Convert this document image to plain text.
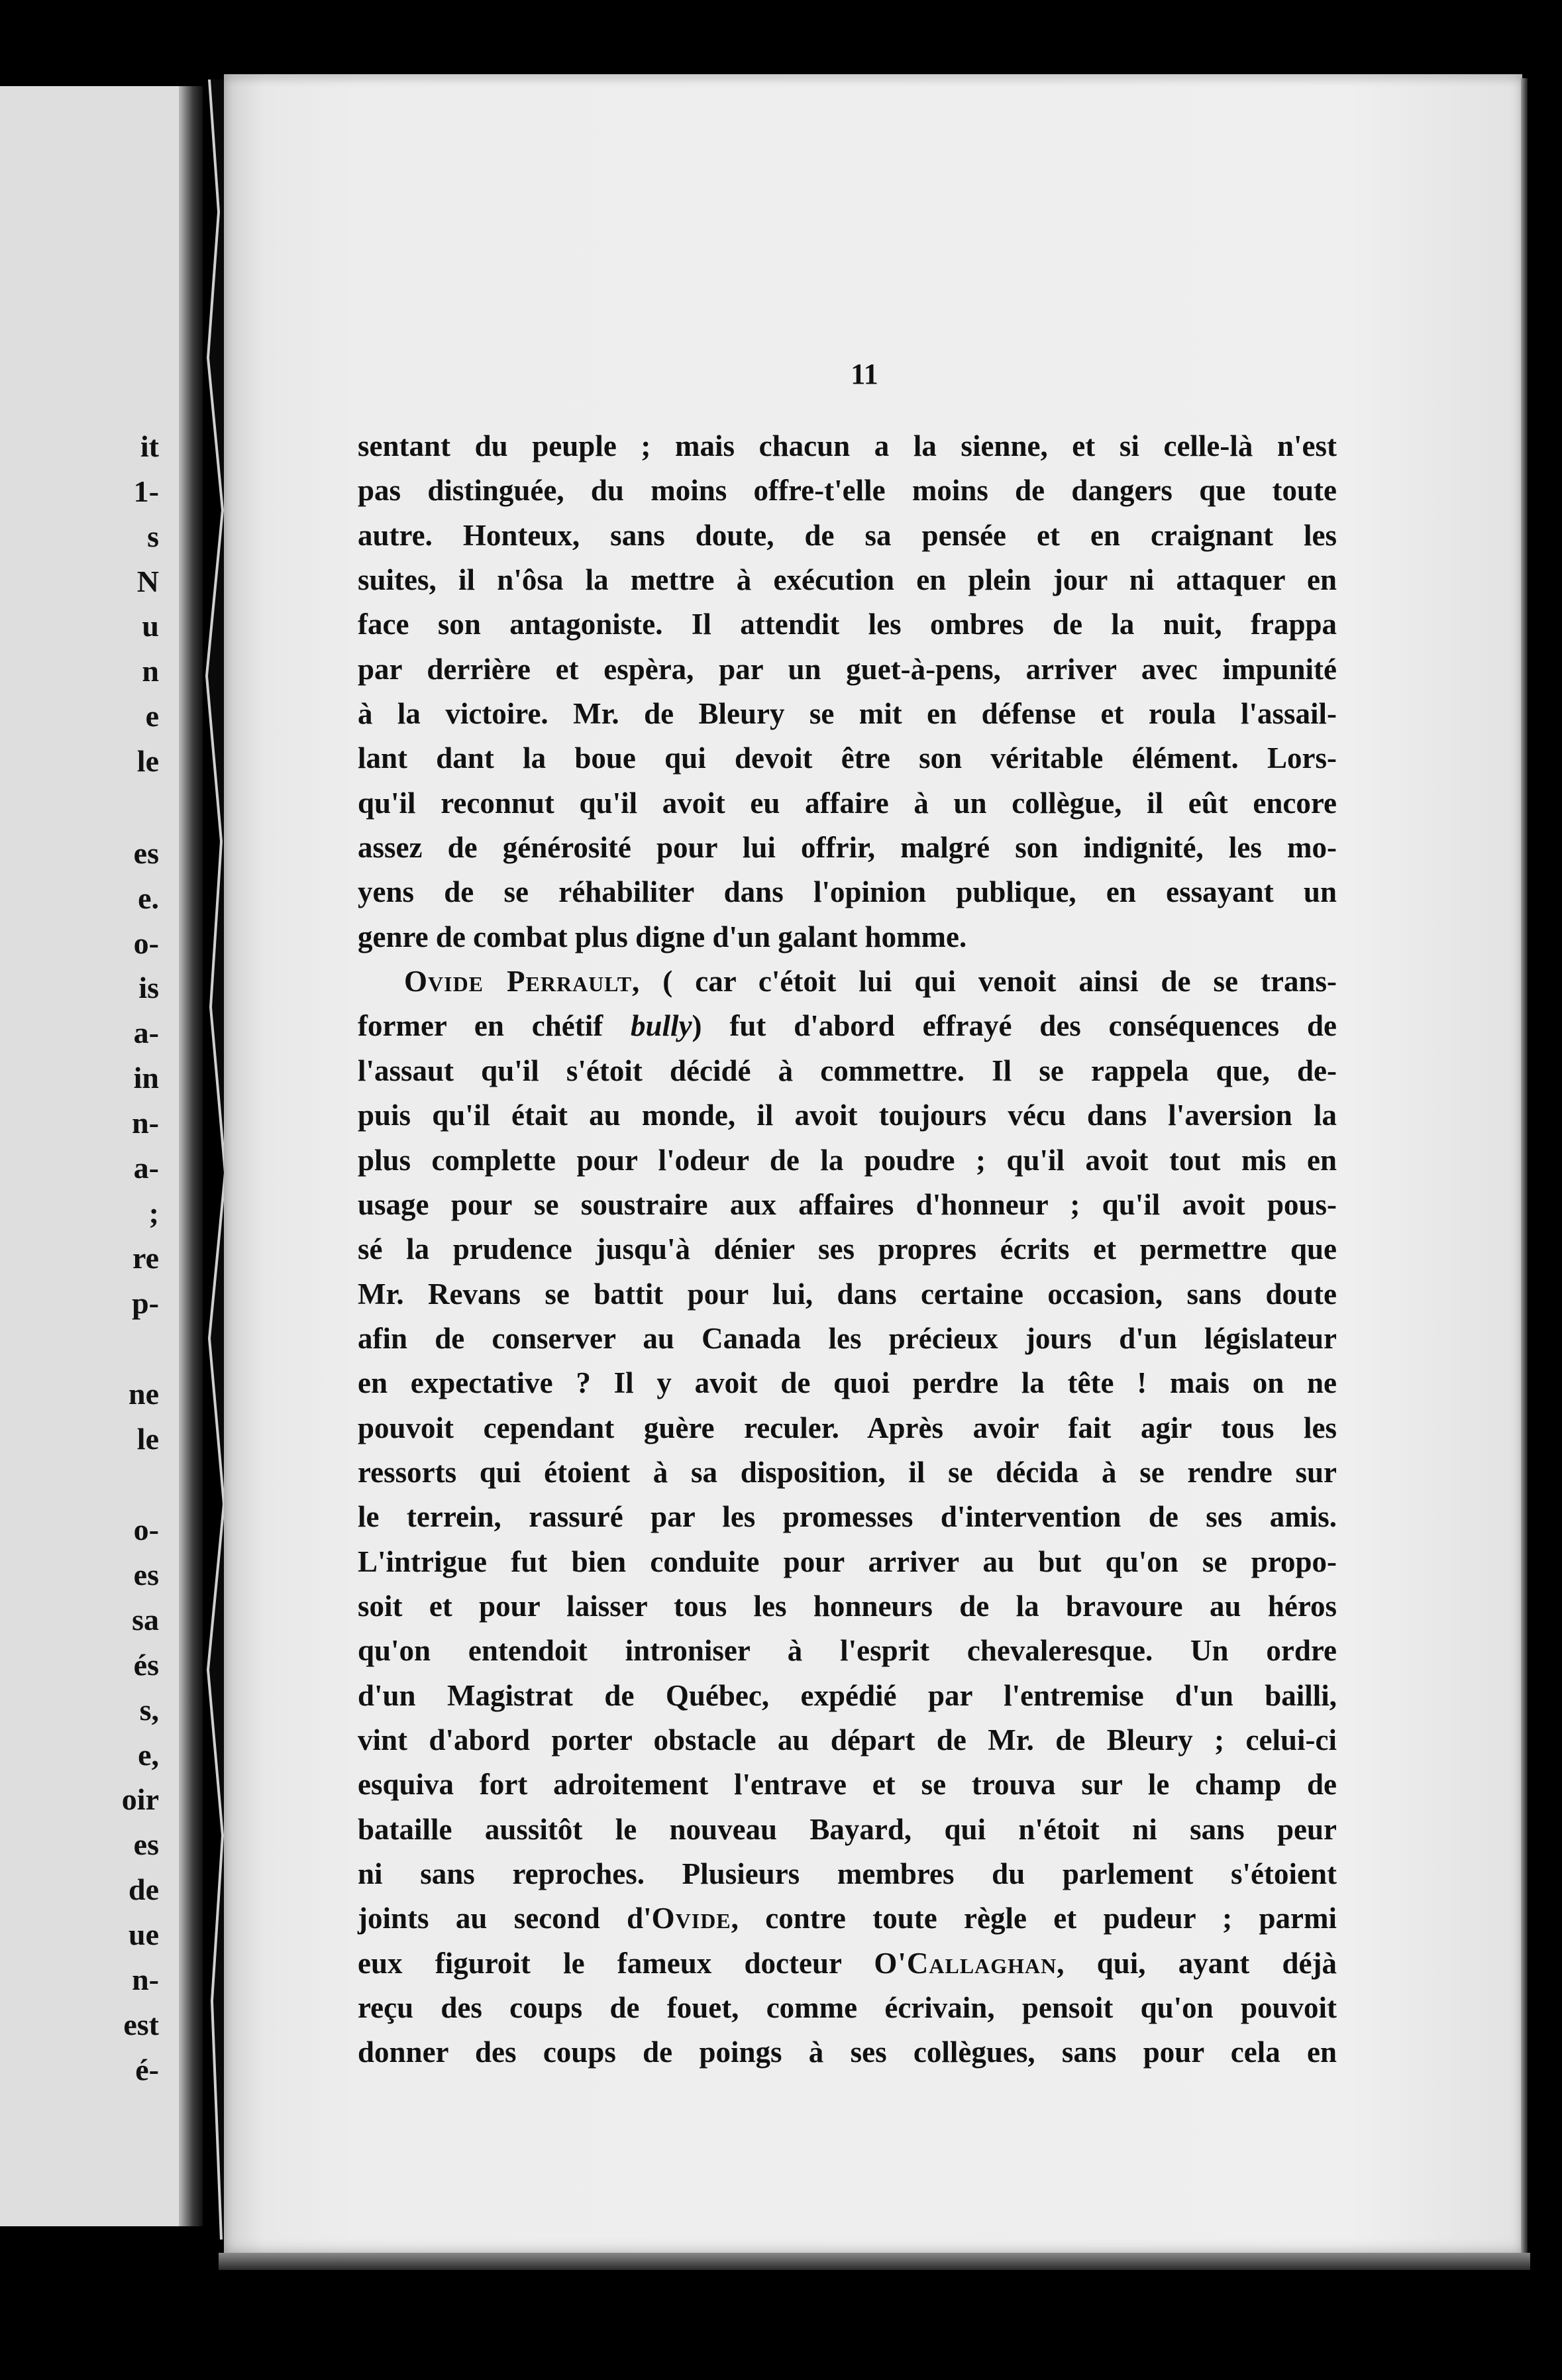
it

1-

s

N

u

n

e

le

es

e.

o-

is

a-

in

n-

a-

;

re

p-

ne

le

o-

es

sa

és

s,

e,

oir

es

de

ue

n-

est

é-

11

sentant du peuple ; mais chacun a la sienne, et si celle-là n'est

pas distinguée, du moins offre-t'elle moins de dangers que toute

autre. Honteux, sans doute, de sa pensée et en craignant les

suites, il n'ôsa la mettre à exécution en plein jour ni attaquer en

face son antagoniste. Il attendit les ombres de la nuit, frappa

par derrière et espèra, par un guet-à-pens, arriver avec impunité

à la victoire. Mr. de Bleury se mit en défense et roula l'assail-

lant dant la boue qui devoit être son véritable élément. Lors-

qu'il reconnut qu'il avoit eu affaire à un collègue, il eût encore

assez de générosité pour lui offrir, malgré son indignité, les mo-

yens de se réhabiliter dans l'opinion publique, en essayant un

genre de combat plus digne d'un galant homme.

Ovide Perrault, ( car c'étoit lui qui venoit ainsi de se trans-

former en chétif bully) fut d'abord effrayé des conséquences de

l'assaut qu'il s'étoit décidé à commettre. Il se rappela que, de-

puis qu'il était au monde, il avoit toujours vécu dans l'aversion la

plus complette pour l'odeur de la poudre ; qu'il avoit tout mis en

usage pour se soustraire aux affaires d'honneur ; qu'il avoit pous-

sé la prudence jusqu'à dénier ses propres écrits et permettre que

Mr. Revans se battit pour lui, dans certaine occasion, sans doute

afin de conserver au Canada les précieux jours d'un législateur

en expectative ? Il y avoit de quoi perdre la tête ! mais on ne

pouvoit cependant guère reculer. Après avoir fait agir tous les

ressorts qui étoient à sa disposition, il se décida à se rendre sur

le terrein, rassuré par les promesses d'intervention de ses amis.

L'intrigue fut bien conduite pour arriver au but qu'on se propo-

soit et pour laisser tous les honneurs de la bravoure au héros

qu'on entendoit introniser à l'esprit chevaleresque. Un ordre

d'un Magistrat de Québec, expédié par l'entremise d'un bailli,

vint d'abord porter obstacle au départ de Mr. de Bleury ; celui-ci

esquiva fort adroitement l'entrave et se trouva sur le champ de

bataille aussitôt le nouveau Bayard, qui n'étoit ni sans peur

ni sans reproches. Plusieurs membres du parlement s'étoient

joints au second d'Ovide, contre toute règle et pudeur ; parmi

eux figuroit le fameux docteur O'Callaghan, qui, ayant déjà

reçu des coups de fouet, comme écrivain, pensoit qu'on pouvoit

donner des coups de poings à ses collègues, sans pour cela en
